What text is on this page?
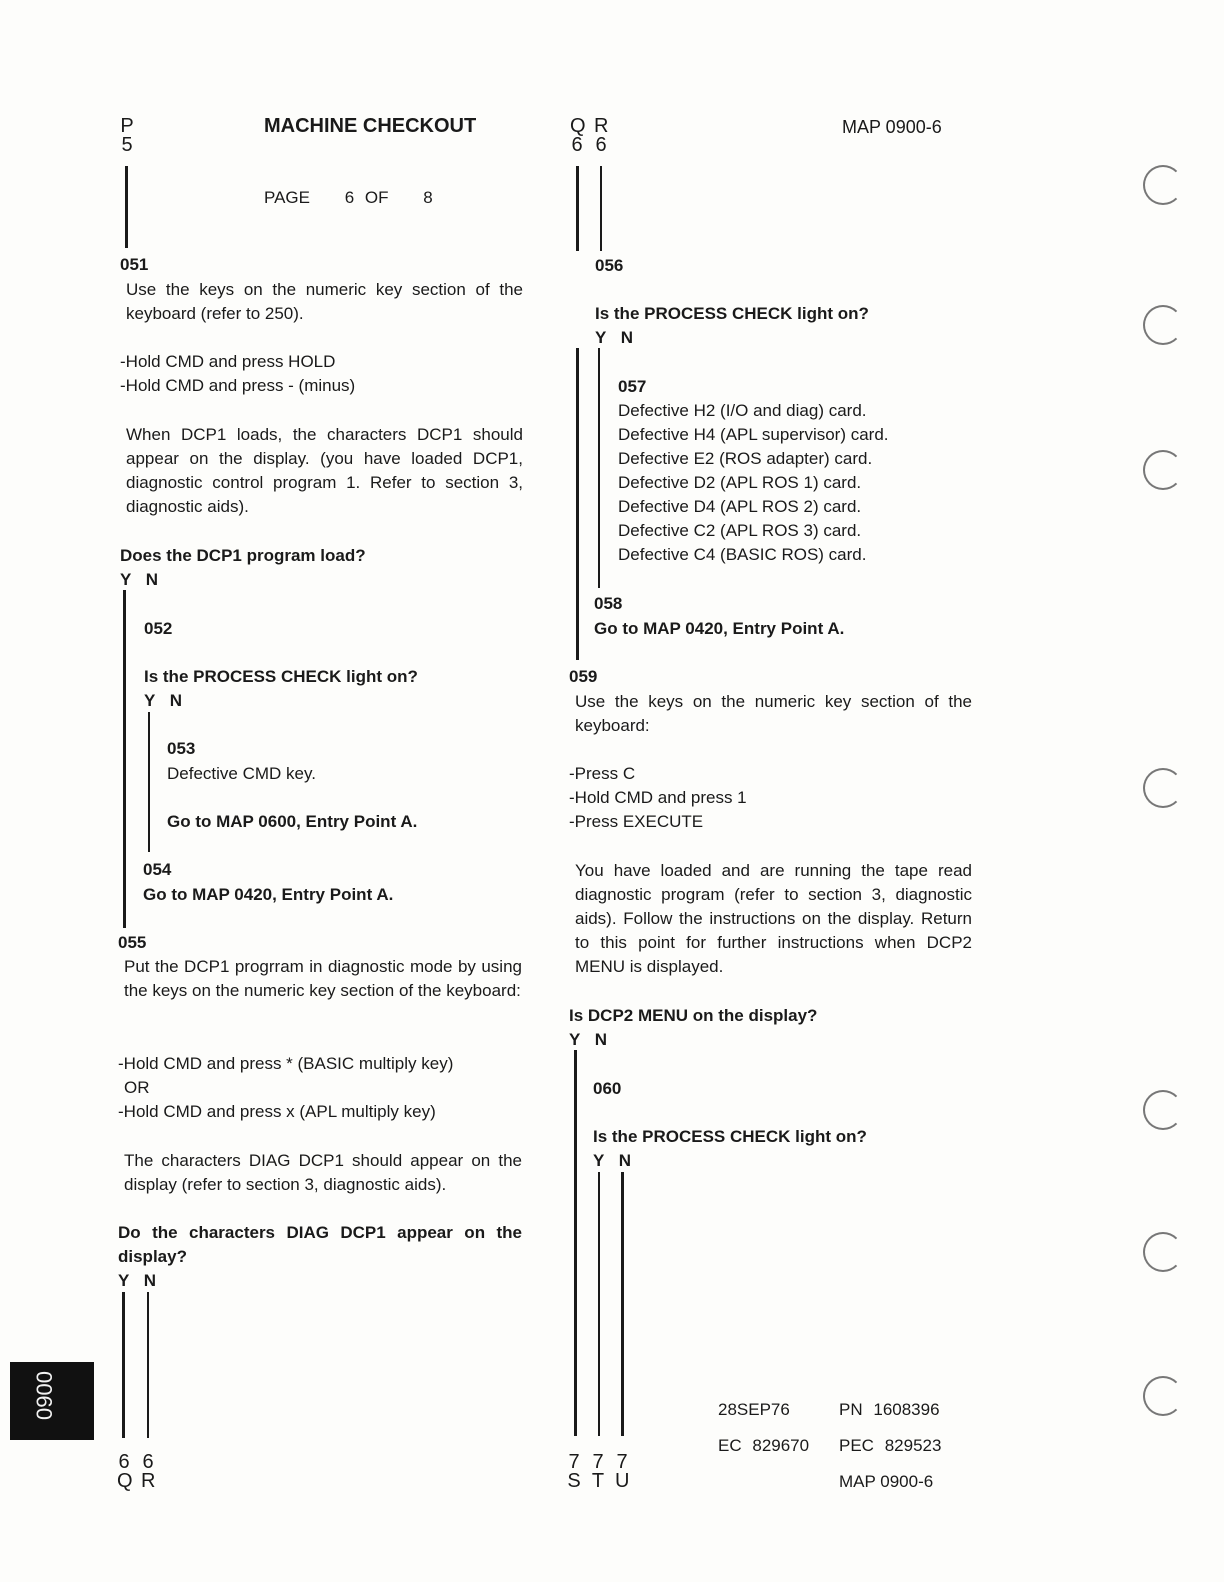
P
5
MACHINE CHECKOUT
PAGE 6 OF 8
Q
6
R
6
MAP 0900-6
051
Use the keys on the numeric key section of the keyboard (refer to 250).
-Hold CMD and press HOLD
-Hold CMD and press - (minus)
When DCP1 loads, the characters DCP1 should appear on the display. (you have loaded DCP1, diagnostic control program 1. Refer to section 3, diagnostic aids).
Does the DCP1 program load?
Y N
052
Is the PROCESS CHECK light on?
Y N
053
Defective CMD key.
Go to MAP 0600, Entry Point A.
054
Go to MAP 0420, Entry Point A.
055
Put the DCP1 progrram in diagnostic mode by using the keys on the numeric key section of the keyboard:
-Hold CMD and press * (BASIC multiply key)
OR
-Hold CMD and press x (APL multiply key)
The characters DIAG DCP1 should appear on the display (refer to section 3, diagnostic aids).
Do the characters DIAG DCP1 appear on the display?
Y N
6
Q
6
R
056
Is the PROCESS CHECK light on?
Y N
057
Defective H2 (I/O and diag) card.
Defective H4 (APL supervisor) card.
Defective E2 (ROS adapter) card.
Defective D2 (APL ROS 1) card.
Defective D4 (APL ROS 2) card.
Defective C2 (APL ROS 3) card.
Defective C4 (BASIC ROS) card.
058
Go to MAP 0420, Entry Point A.
059
Use the keys on the numeric key section of the keyboard:
-Press C
-Hold CMD and press 1
-Press EXECUTE
You have loaded and are running the tape read diagnostic program (refer to section 3, diagnostic aids). Follow the instructions on the display. Return to this point for further instructions when DCP2 MENU is displayed.
Is DCP2 MENU on the display?
Y N
060
Is the PROCESS CHECK light on?
Y N
7
S
7
T
7
U
28SEP76	PN 1608396
EC 829670 PEC 829523
MAP 0900-6
0900
